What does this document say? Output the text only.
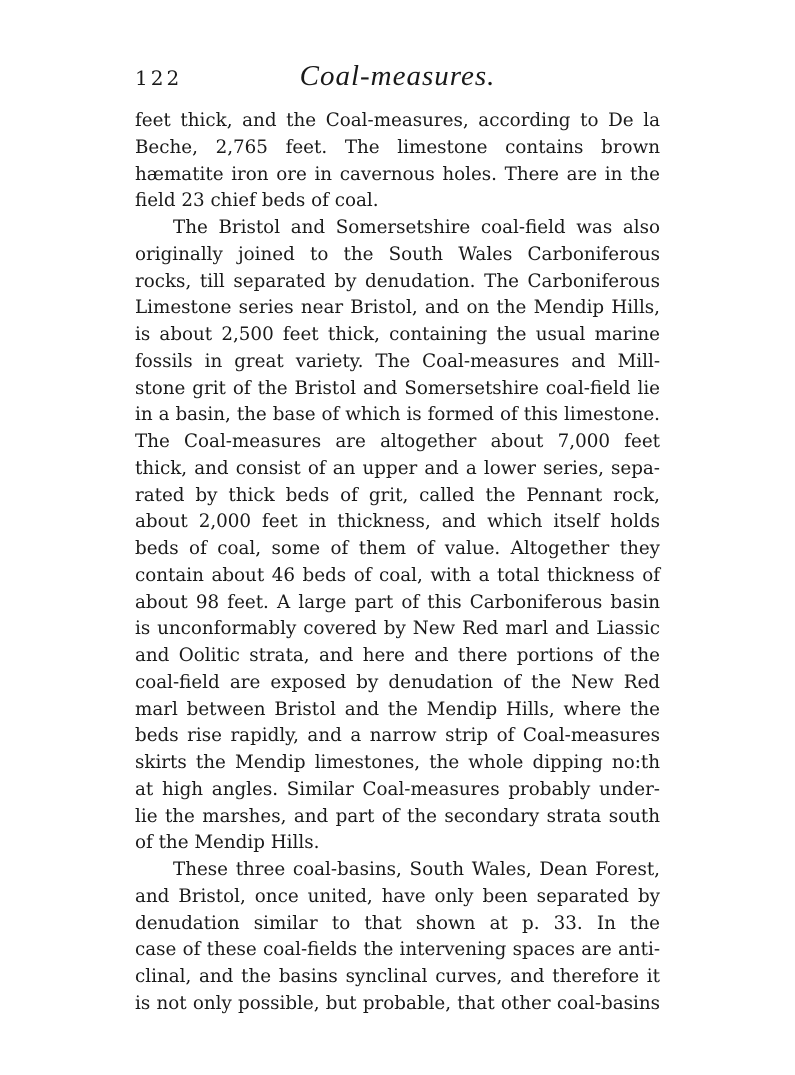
122	Coal-measures.
feet thick, and the Coal-measures, according to De la
Beche, 2,765 feet. The limestone contains brown
hæmatite iron ore in cavernous holes. There are in the
field 23 chief beds of coal.
The Bristol and Somersetshire coal-field was also
originally joined to the South Wales Carboniferous
rocks, till separated by denudation. The Carboniferous
Limestone series near Bristol, and on the Mendip Hills,
is about 2,500 feet thick, containing the usual marine
fossils in great variety. The Coal-measures and Mill-
stone grit of the Bristol and Somersetshire coal-field lie
in a basin, the base of which is formed of this limestone.
The Coal-measures are altogether about 7,000 feet
thick, and consist of an upper and a lower series, sepa-
rated by thick beds of grit, called the Pennant rock,
about 2,000 feet in thickness, and which itself holds
beds of coal, some of them of value. Altogether they
contain about 46 beds of coal, with a total thickness of
about 98 feet. A large part of this Carboniferous basin
is unconformably covered by New Red marl and Liassic
and Oolitic strata, and here and there portions of the
coal-field are exposed by denudation of the New Red
marl between Bristol and the Mendip Hills, where the
beds rise rapidly, and a narrow strip of Coal-measures
skirts the Mendip limestones, the whole dipping no:th
at high angles. Similar Coal-measures probably under-
lie the marshes, and part of the secondary strata south
of the Mendip Hills.
These three coal-basins, South Wales, Dean Forest,
and Bristol, once united, have only been separated by
denudation similar to that shown at p. 33. In the
case of these coal-fields the intervening spaces are anti-
clinal, and the basins synclinal curves, and therefore it
is not only possible, but probable, that other coal-basins
